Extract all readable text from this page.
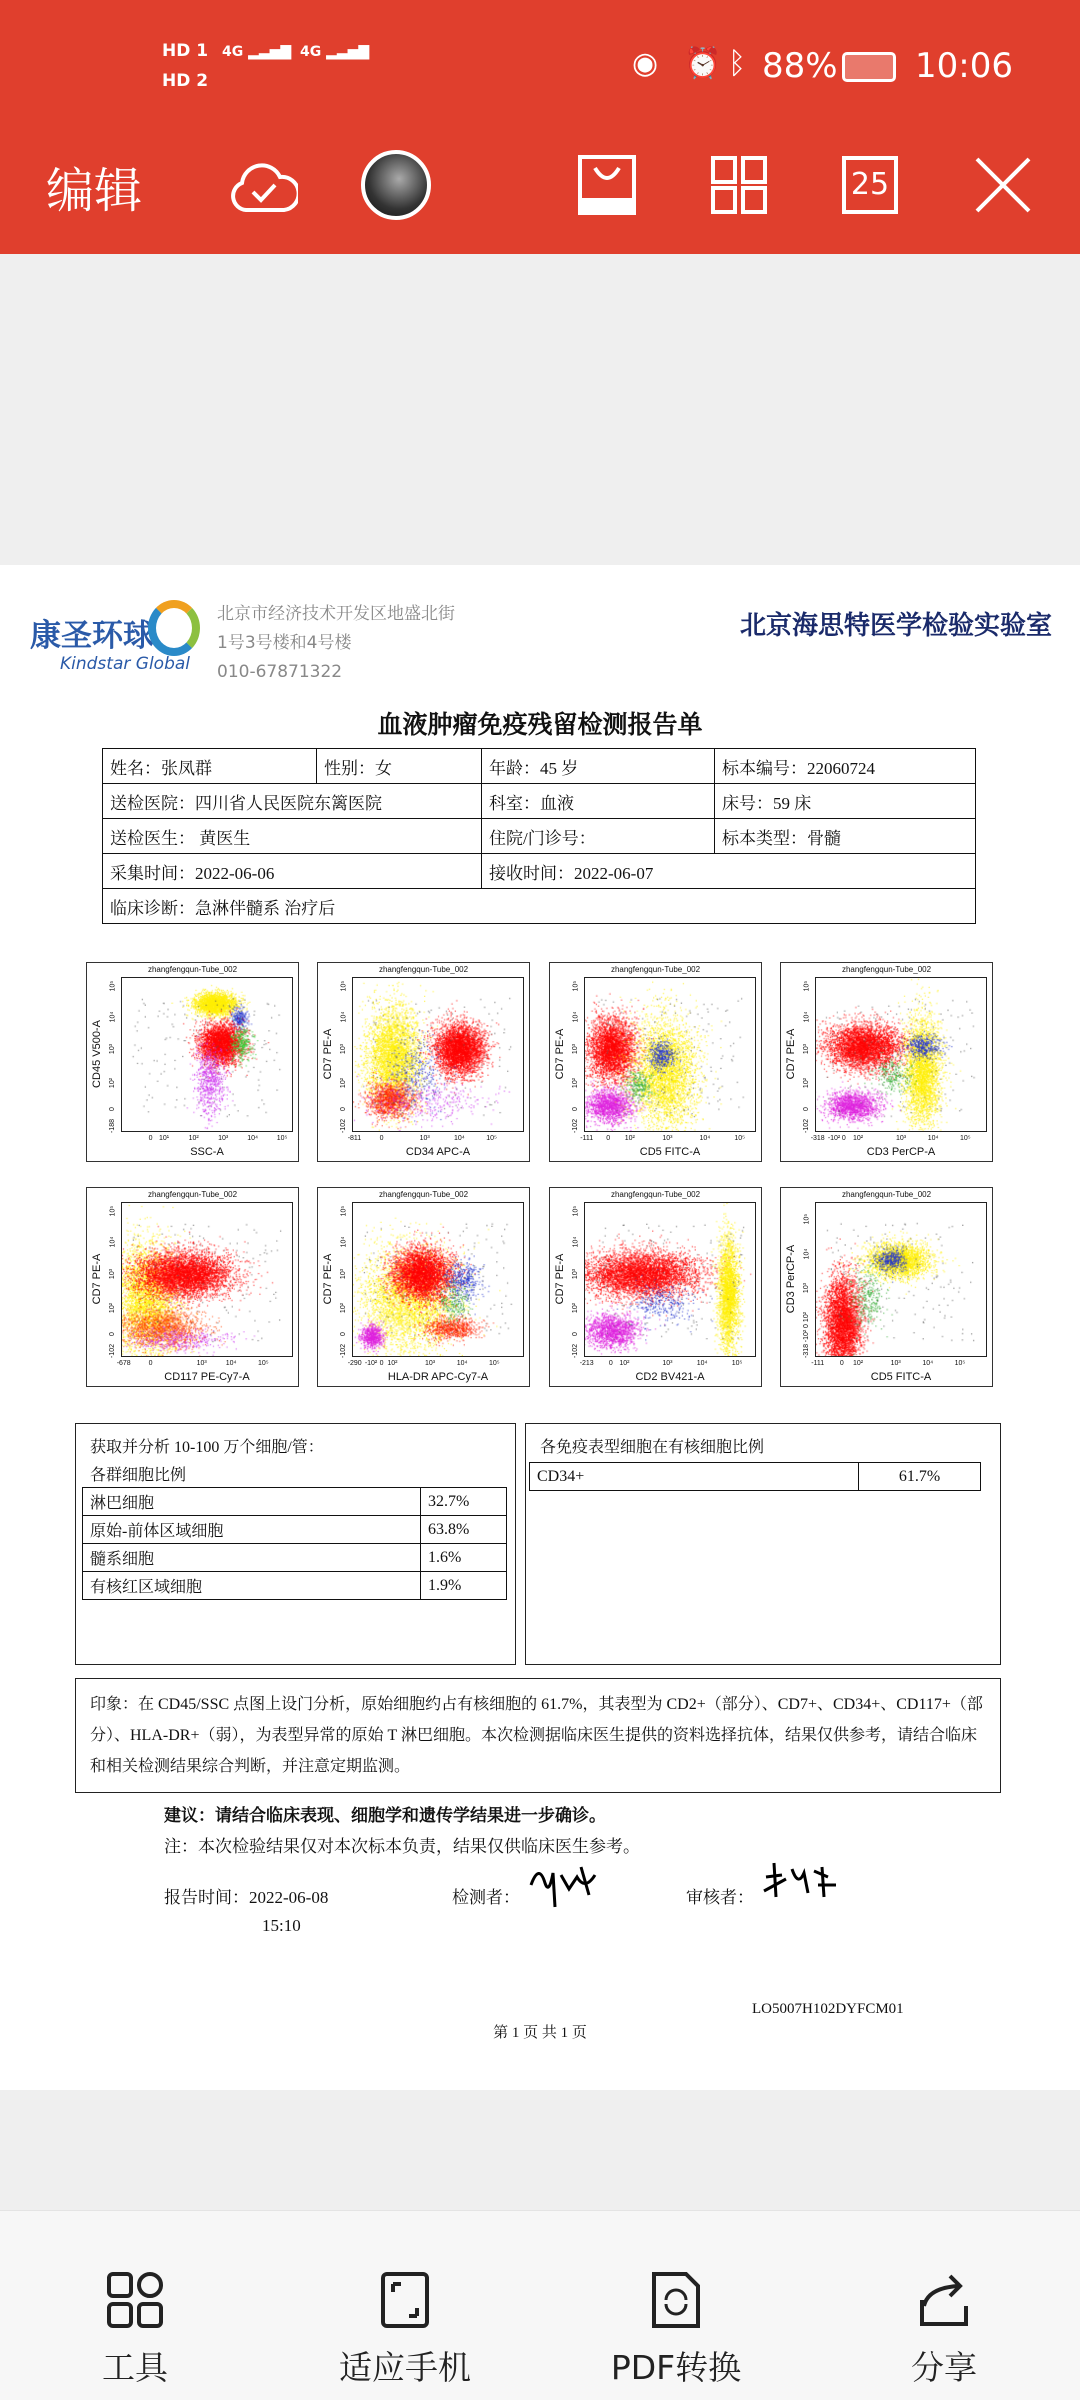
HD 1
HD 2
4G ▂▃▅▇ 4G ▂▃▅▇	◉ ⏰ ᛒ 88% 10:06
编辑	25
康圣环球
Kindstar Global
北京市经济技术开发区地盛北街
1号3号楼和4号楼
010-67871322
北京海思特医学检验实验室
血液肿瘤免疫残留检测报告单
姓名：张凤群	性别：女	年龄：45 岁	标本编号：22060724
送检医院：四川省人民医院东篱医院		科室：血液	床号：59 床
送检医生： 黄医生		住院/门诊号：	标本类型：骨髓
采集时间：2022-06-06		接收时间：2022-06-07	
临床诊断：急淋伴髓系 治疗后			
zhangfengqun-Tube_002
SSC-A
CD45 V500-A
0 10¹	10²	10³	10⁴	10⁵
-188
0
10²
10³
10⁴
10⁵
zhangfengqun-Tube_002
CD34 APC-A
CD7 PE-A
-811	0	10³	10⁴	10⁵
-102
0
10²
10³
10⁴
10⁵
zhangfengqun-Tube_002
CD5 FITC-A
CD7 PE-A
-111 0 10²	10³	10⁴	10⁵
-102
0
10²
10³
10⁴
10⁵
zhangfengqun-Tube_002
CD3 PerCP-A
CD7 PE-A
-318 -10² 0 10²	10³	10⁴	10⁵
-102
0
10²
10³
10⁴
10⁵
zhangfengqun-Tube_002
CD117 PE-Cy7-A
CD7 PE-A
-678	0	10³	10⁴	10⁵
-102
0
10²
10³
10⁴
10⁵
zhangfengqun-Tube_002
HLA-DR APC-Cy7-A
CD7 PE-A
-290 -10² 0 10²	10³	10⁴	10⁵
-102
0
10²
10³
10⁴
10⁵
zhangfengqun-Tube_002
CD2 BV421-A
CD7 PE-A
-213 0 10²	10³	10⁴	10⁵
-102
0
10²
10³
10⁴
10⁵
zhangfengqun-Tube_002
CD5 FITC-A
CD3 PerCP-A
-111 0 10²	10³	10⁴	10⁵
-318
-10²
0
10²
10³
10⁴
10⁵
获取并分析 10-100 万个细胞/管：
各群细胞比例
淋巴细胞	32.7%
原始-前体区域细胞	63.8%
髓系细胞	1.6%
有核红区域细胞	1.9%
各免疫表型细胞在有核细胞比例
CD34+	61.7%
印象：在 CD45/SSC 点图上设门分析，原始细胞约占有核细胞的 61.7%，其表型为 CD2+（部分）、CD7+、CD34+、CD117+（部分）、HLA-DR+（弱），为表型异常的原始 T 淋巴细胞。本次检测据临床医生提供的资料选择抗体，结果仅供参考，请结合临床和相关检测结果综合判断，并注意定期监测。
建议：请结合临床表现、细胞学和遗传学结果进一步确诊。
注：本次检验结果仅对本次标本负责，结果仅供临床医生参考。
报告时间：2022-06-08
15:10
检测者：	审核者：
LO5007H102DYFCM01
第 1 页 共 1 页
工具	适应手机	PDF转换	分享
